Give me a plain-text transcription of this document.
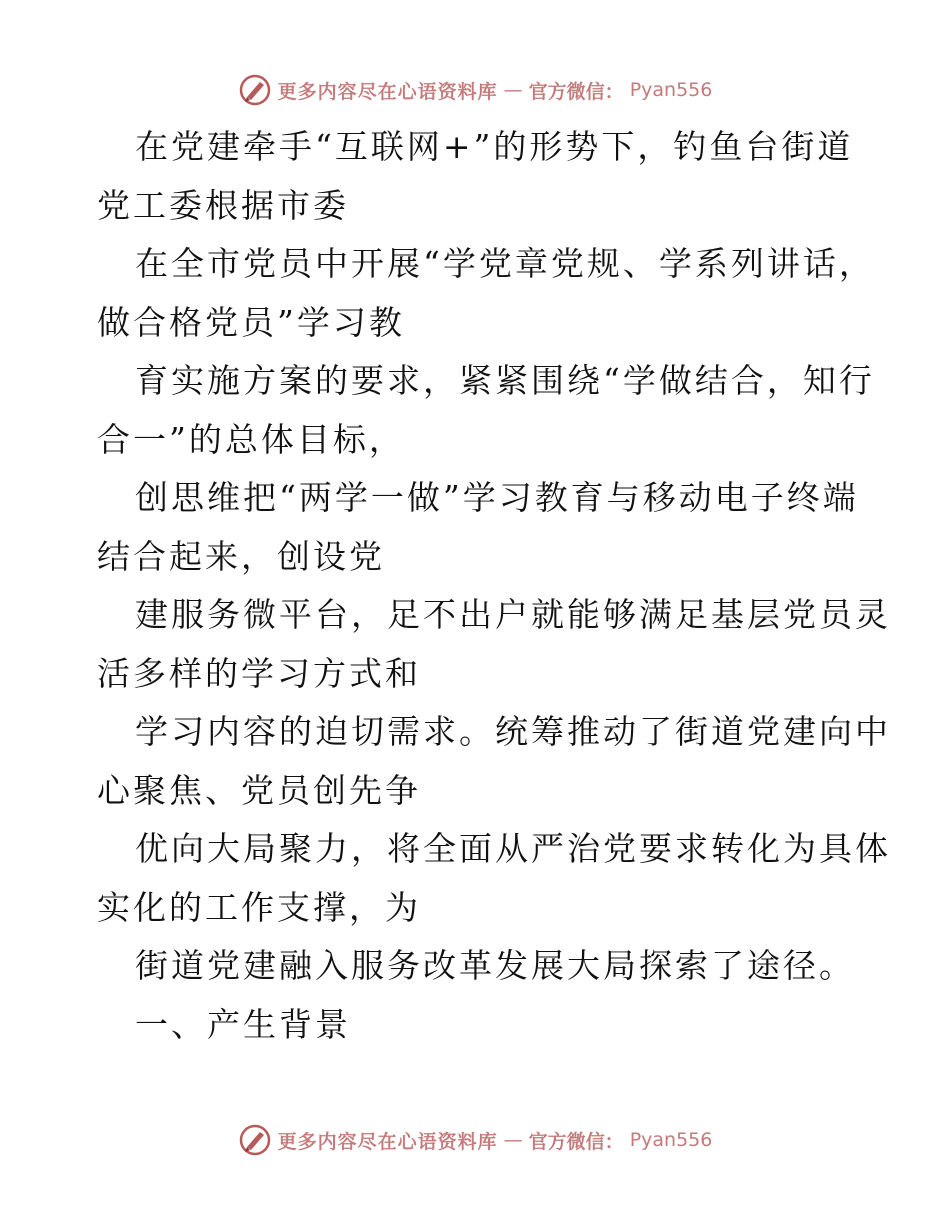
更多内容尽在心语资料库 — 官方微信： Pyan556
在党建牵手“互联网+”的形势下，钓鱼台街道
党工委根据市委
在全市党员中开展“学党章党规、学系列讲话，
做合格党员”学习教
育实施方案的要求，紧紧围绕“学做结合，知行
合一”的总体目标，
创思维把“两学一做”学习教育与移动电子终端
结合起来，创设党
建服务微平台，足不出户就能够满足基层党员灵
活多样的学习方式和
学习内容的迫切需求。统筹推动了街道党建向中
心聚焦、党员创先争
优向大局聚力，将全面从严治党要求转化为具体
实化的工作支撑，为
街道党建融入服务改革发展大局探索了途径。
一、产生背景
更多内容尽在心语资料库 — 官方微信： Pyan556
